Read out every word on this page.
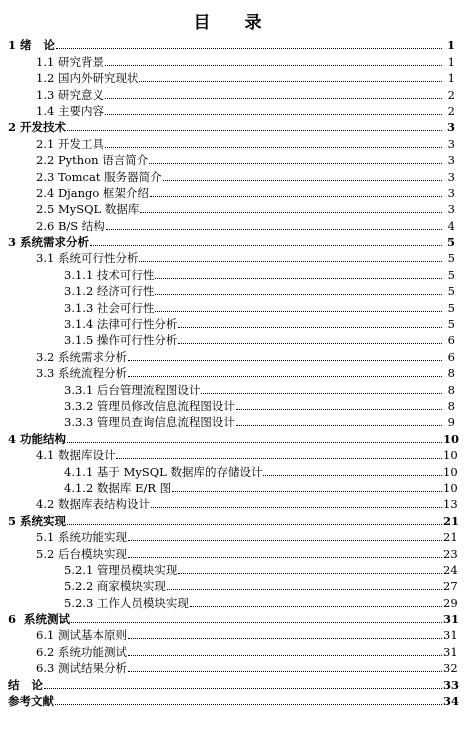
目 录
1 绪   论	1
1.1 研究背景	1
1.2 国内外研究现状	1
1.3 研究意义	2
1.4 主要内容	2
2 开发技术	3
2.1 开发工具	3
2.2 Python 语言简介	3
2.3 Tomcat 服务器简介	3
2.4 Django 框架介绍	3
2.5 MySQL 数据库	3
2.6 B/S 结构	4
3 系统需求分析	5
3.1 系统可行性分析	5
3.1.1 技术可行性	5
3.1.2 经济可行性	5
3.1.3 社会可行性	5
3.1.4 法律可行性分析	5
3.1.5 操作可行性分析	6
3.2 系统需求分析	6
3.3 系统流程分析	8
3.3.1 后台管理流程图设计	8
3.3.2 管理员修改信息流程图设计	8
3.3.3 管理员查询信息流程图设计	9
4 功能结构	10
4.1 数据库设计	10
4.1.1 基于 MySQL 数据库的存储设计	10
4.1.2 数据库 E/R 图	10
4.2 数据库表结构设计	13
5 系统实现	21
5.1 系统功能实现	21
5.2 后台模块实现	23
5.2.1 管理员模块实现	24
5.2.2 商家模块实现	27
5.2.3 工作人员模块实现	29
6  系统测试	31
6.1 测试基本原则	31
6.2 系统功能测试	31
6.3 测试结果分析	32
结   论	33
参考文献	34
